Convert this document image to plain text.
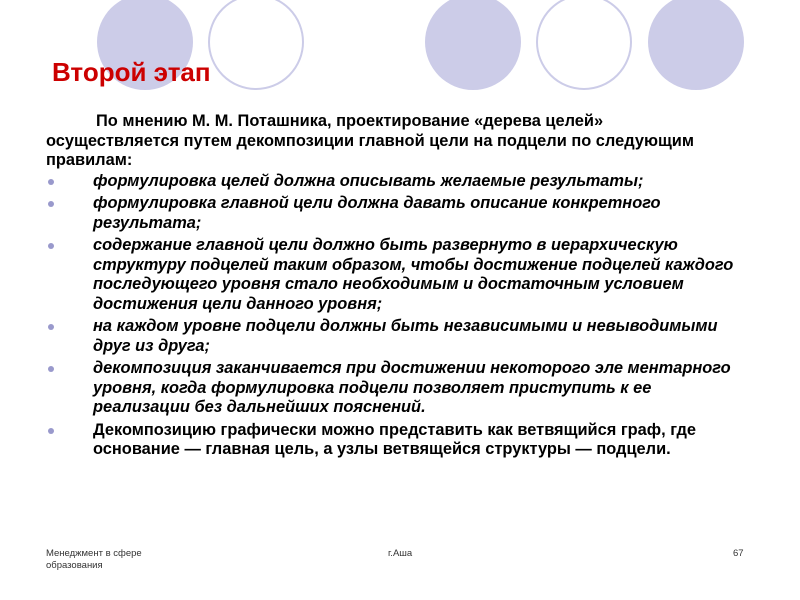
Второй этап

По мнению М. М. Поташника, проектирование «дерева целей» осуществляется путем декомпозиции главной цели на подцели по следующим правилам:

формулировка целей должна описывать желаемые результаты;
формулировка главной цели должна давать описание конкретного результата;
содержание главной цели должно быть развернуто в иерархическую структуру подцелей таким образом, чтобы достижение подцелей каждого последующего уровня стало необходимым и достаточным условием достижения цели данного уровня;
на каждом уровне подцели должны быть независимыми и невыводимыми друг из друга;
декомпозиция заканчивается при достижении некоторого эле ментарного уровня, когда формулировка подцели позволяет приступить к ее реализации без дальнейших пояснений.
Декомпозицию графически можно представить как ветвящийся граф, где основание — главная цель, а узлы ветвящейся структуры — подцели.
Менеджмент в сфере образования
г.Аша	67
